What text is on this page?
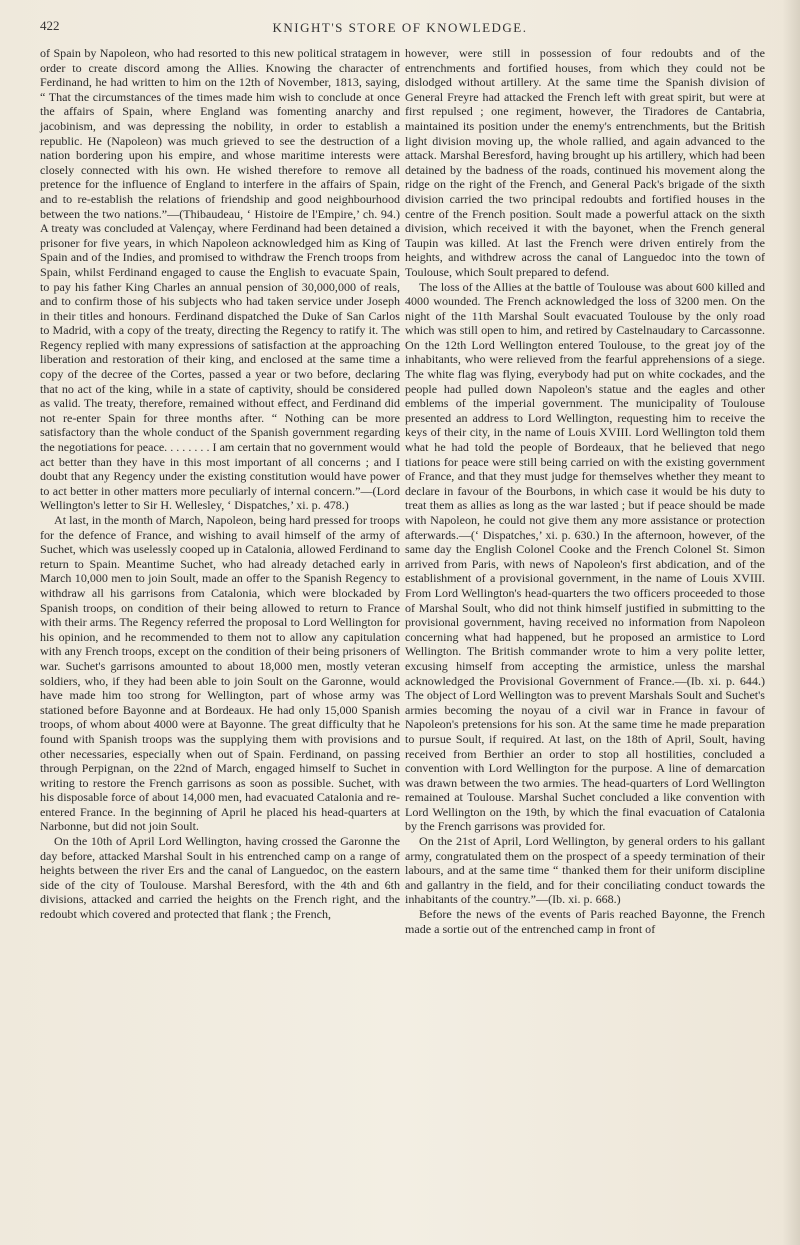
422	KNIGHT'S STORE OF KNOWLEDGE.

of Spain by Napoleon, who had resorted to this new political stratagem in order to create discord among the Allies. Knowing the character of Ferdinand, he had written to him on the 12th of November, 1813, saying, “ That the circumstances of the times made him wish to conclude at once the affairs of Spain, where England was fomenting anarchy and jacobinism, and was depressing the nobility, in order to establish a republic. He (Napoleon) was much grieved to see the destruction of a nation bordering upon his empire, and whose maritime interests were closely connected with his own. He wished therefore to remove all pretence for the influence of England to interfere in the affairs of Spain, and to re-establish the relations of friendship and good neighbourhood between the two nations.”—(Thibaudeau, ‘ Histoire de l'Empire,’ ch. 94.) A treaty was concluded at Valençay, where Ferdinand had been detained a prisoner for five years, in which Napoleon acknowledged him as King of Spain and of the Indies, and promised to withdraw the French troops from Spain, whilst Ferdinand engaged to cause the English to evacuate Spain, to pay his father King Charles an annual pension of 30,000,000 of reals, and to confirm those of his subjects who had taken service under Joseph in their titles and honours. Ferdinand dispatched the Duke of San Carlos to Madrid, with a copy of the treaty, directing the Regency to ratify it. The Regency replied with many expressions of satisfaction at the approaching liberation and restoration of their king, and enclosed at the same time a copy of the decree of the Cortes, passed a year or two before, declaring that no act of the king, while in a state of captivity, should be considered as valid. The treaty, therefore, remained without effect, and Ferdinand did not re-enter Spain for three months after. “ Nothing can be more satisfactory than the whole conduct of the Spanish government regarding the negotiations for peace. . . . . . . . I am certain that no government would act better than they have in this most important of all concerns ; and I doubt that any Regency under the existing constitution would have power to act better in other matters more peculiarly of internal concern.”—(Lord Wellington's letter to Sir H. Wellesley, ‘ Dispatches,’ xi. p. 478.)

At last, in the month of March, Napoleon, being hard pressed for troops for the defence of France, and wishing to avail himself of the army of Suchet, which was uselessly cooped up in Catalonia, allowed Ferdinand to return to Spain. Meantime Suchet, who had already detached early in March 10,000 men to join Soult, made an offer to the Spanish Regency to withdraw all his garrisons from Catalonia, which were blockaded by Spanish troops, on condition of their being allowed to return to France with their arms. The Regency referred the proposal to Lord Wellington for his opinion, and he recommended to them not to allow any capitulation with any French troops, except on the condition of their being prisoners of war. Suchet's garrisons amounted to about 18,000 men, mostly veteran soldiers, who, if they had been able to join Soult on the Garonne, would have made him too strong for Wellington, part of whose army was stationed before Bayonne and at Bordeaux. He had only 15,000 Spanish troops, of whom about 4000 were at Bayonne. The great difficulty that he found with Spanish troops was the supplying them with provisions and other necessaries, especially when out of Spain. Ferdinand, on passing through Perpignan, on the 22nd of March, engaged himself to Suchet in writing to restore the French garrisons as soon as possible. Suchet, with his disposable force of about 14,000 men, had evacuated Catalonia and re-entered France. In the beginning of April he placed his head-quarters at Narbonne, but did not join Soult.

On the 10th of April Lord Wellington, having crossed the Garonne the day before, attacked Marshal Soult in his entrenched camp on a range of heights between the river Ers and the canal of Languedoc, on the eastern side of the city of Toulouse. Marshal Beresford, with the 4th and 6th divisions, attacked and carried the heights on the French right, and the redoubt which covered and protected that flank ; the French,

however, were still in possession of four redoubts and of the entrenchments and fortified houses, from which they could not be dislodged without artillery. At the same time the Spanish division of General Freyre had attacked the French left with great spirit, but were at first repulsed ; one regiment, however, the Tiradores de Cantabria, maintained its position under the enemy's entrenchments, but the British light division moving up, the whole rallied, and again advanced to the attack. Marshal Beresford, having brought up his artillery, which had been detained by the badness of the roads, continued his movement along the ridge on the right of the French, and General Pack's brigade of the sixth division carried the two principal redoubts and fortified houses in the centre of the French position. Soult made a powerful attack on the sixth division, which received it with the bayonet, when the French general Taupin was killed. At last the French were driven entirely from the heights, and withdrew across the canal of Languedoc into the town of Toulouse, which Soult prepared to defend.

The loss of the Allies at the battle of Toulouse was about 600 killed and 4000 wounded. The French acknowledged the loss of 3200 men. On the night of the 11th Marshal Soult evacuated Toulouse by the only road which was still open to him, and retired by Castelnaudary to Carcassonne. On the 12th Lord Wellington entered Toulouse, to the great joy of the inhabitants, who were relieved from the fearful apprehensions of a siege. The white flag was flying, everybody had put on white cockades, and the people had pulled down Napoleon's statue and the eagles and other emblems of the imperial government. The municipality of Toulouse presented an address to Lord Wellington, requesting him to receive the keys of their city, in the name of Louis XVIII. Lord Wellington told them what he had told the people of Bordeaux, that he believed that nego tiations for peace were still being carried on with the existing government of France, and that they must judge for themselves whether they meant to declare in favour of the Bourbons, in which case it would be his duty to treat them as allies as long as the war lasted ; but if peace should be made with Napoleon, he could not give them any more assistance or protection afterwards.—(‘ Dispatches,’ xi. p. 630.) In the afternoon, however, of the same day the English Colonel Cooke and the French Colonel St. Simon arrived from Paris, with news of Napoleon's first abdication, and of the establishment of a provisional government, in the name of Louis XVIII. From Lord Wellington's head-quarters the two officers proceeded to those of Marshal Soult, who did not think himself justified in submitting to the provisional government, having received no information from Napoleon concerning what had happened, but he proposed an armistice to Lord Wellington. The British commander wrote to him a very polite letter, excusing himself from accepting the armistice, unless the marshal acknowledged the Provisional Government of France.—(Ib. xi. p. 644.) The object of Lord Wellington was to prevent Marshals Soult and Suchet's armies becoming the noyau of a civil war in France in favour of Napoleon's pretensions for his son. At the same time he made preparation to pursue Soult, if required. At last, on the 18th of April, Soult, having received from Berthier an order to stop all hostilities, concluded a convention with Lord Wellington for the purpose. A line of demarcation was drawn between the two armies. The head-quarters of Lord Wellington remained at Toulouse. Marshal Suchet concluded a like convention with Lord Wellington on the 19th, by which the final evacuation of Catalonia by the French garrisons was provided for.

On the 21st of April, Lord Wellington, by general orders to his gallant army, congratulated them on the prospect of a speedy termination of their labours, and at the same time “ thanked them for their uniform discipline and gallantry in the field, and for their conciliating conduct towards the inhabitants of the country.”—(Ib. xi. p. 668.)

Before the news of the events of Paris reached Bayonne, the French made a sortie out of the entrenched camp in front of
